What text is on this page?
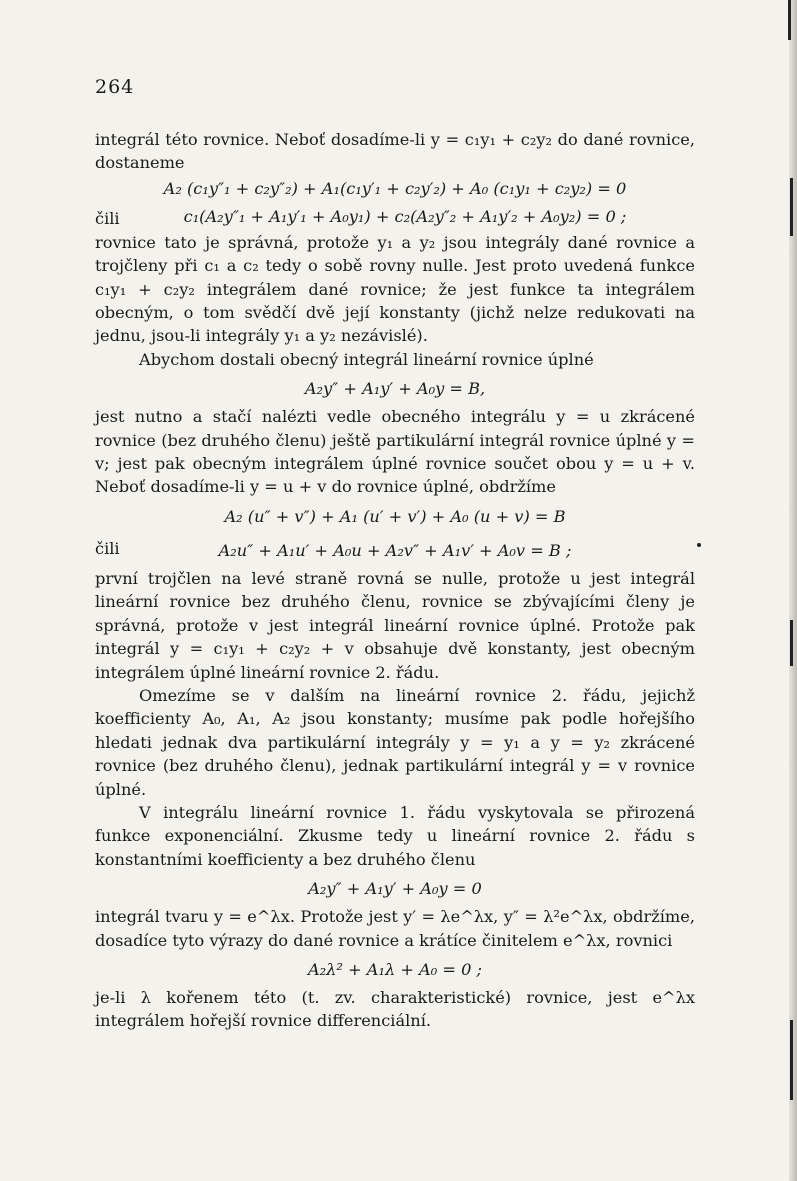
264

integrál této rovnice. Neboť dosadíme-li y = c₁y₁ + c₂y₂ do dané rovnice, dostaneme

A₂ (c₁y″₁ + c₂y″₂) + A₁(c₁y′₁ + c₂y′₂) + A₀ (c₁y₁ + c₂y₂) = 0
čili	c₁(A₂y″₁ + A₁y′₁ + A₀y₁) + c₂(A₂y″₂ + A₁y′₂ + A₀y₂) = 0 ;

rovnice tato je správná, protože y₁ a y₂ jsou integrály dané rovnice a trojčleny při c₁ a c₂ tedy o sobě rovny nulle. Jest proto uvedená funkce c₁y₁ + c₂y₂ integrálem dané rovnice; že jest funkce ta integrálem obecným, o tom svědčí dvě její konstanty (jichž nelze redukovati na jednu, jsou-li integrály y₁ a y₂ nezávislé).

Abychom dostali obecný integrál lineární rovnice úplné

A₂y″ + A₁y′ + A₀y = B,

jest nutno a stačí nalézti vedle obecného integrálu y = u zkrácené rovnice (bez druhého členu) ještě partikulární integrál rovnice úplné y = v; jest pak obecným integrálem úplné rovnice součet obou y = u + v. Neboť dosadíme-li y = u + v do rovnice úplné, obdržíme

A₂ (u″ + v″) + A₁ (u′ + v′) + A₀ (u + v) = B
čili	A₂u″ + A₁u′ + A₀u + A₂v″ + A₁v′ + A₀v = B ;

první trojčlen na levé straně rovná se nulle, protože u jest integrál lineární rovnice bez druhého členu, rovnice se zbývajícími členy je správná, protože v jest integrál lineární rovnice úplné. Protože pak integrál y = c₁y₁ + c₂y₂ + v obsahuje dvě konstanty, jest obecným integrálem úplné lineární rovnice 2. řádu.

Omezíme se v dalším na lineární rovnice 2. řádu, jejichž koefficienty A₀, A₁, A₂ jsou konstanty; musíme pak podle hořejšího hledati jednak dva partikulární integrály y = y₁ a y = y₂ zkrácené rovnice (bez druhého členu), jednak partikulární integrál y = v rovnice úplné.

V integrálu lineární rovnice 1. řádu vyskytovala se přirozená funkce exponenciální. Zkusme tedy u lineární rovnice 2. řádu s konstantními koefficienty a bez druhého členu

A₂y″ + A₁y′ + A₀y = 0

integrál tvaru y = e^λx. Protože jest y′ = λe^λx, y″ = λ²e^λx, obdržíme, dosadíce tyto výrazy do dané rovnice a krátíce činitelem e^λx, rovnici

A₂λ² + A₁λ + A₀ = 0 ;

je-li λ kořenem této (t. zv. charakteristické) rovnice, jest e^λx integrálem hořejší rovnice differenciální.
